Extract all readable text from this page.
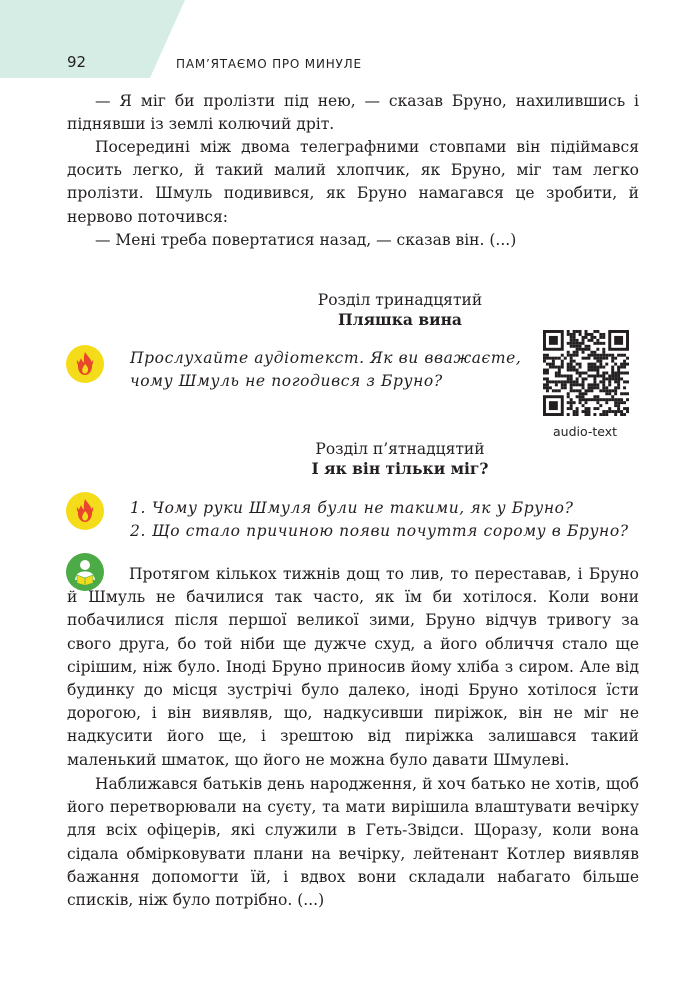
92	ПАМ’ЯТАЄМО ПРО МИНУЛЕ

— Я міг би пролізти під нею, — сказав Бруно, нахилившись і піднявши із землі колючий дріт.

Посередині між двома телеграфними стовпами він підіймався досить легко, й такий малий хлопчик, як Бруно, міг там легко пролізти. Шмуль подивився, як Бруно намагався це зробити, й нервово поточився:

— Мені треба повертатися назад, — сказав він. (...)

Розділ тринадцятий
Пляшка вина
Прослухайте аудіотекст. Як ви вважаєте, чому Шмуль не погодився з Бруно?
audio-text
Розділ п’ятнадцятий
І як він тільки міг?
1. Чому руки Шмуля були не такими, як у Бруно?
2. Що стало причиною появи почуття сорому в Бруно?

Протягом кількох тижнів дощ то лив, то переставав, і Бруно й Шмуль не бачилися так часто, як їм би хотілося. Коли вони побачилися після першої великої зими, Бруно відчув тривогу за свого друга, бо той ніби ще дужче схуд, а його обличчя стало ще сірішим, ніж було. Іноді Бруно приносив йому хліба з сиром. Але від будинку до місця зустрічі було далеко, іноді Бруно хотілося їсти дорогою, і він виявляв, що, надкусивши пиріжок, він не міг не надкусити його ще, і зрештою від пиріжка залишався такий маленький шматок, що його не можна було давати Шмулеві.

Наближався батьків день народження, й хоч батько не хотів, щоб його перетворювали на суєту, та мати вирішила влаштувати вечірку для всіх офіцерів, які служили в Геть-Звідси. Щоразу, коли вона сідала обмірковувати плани на вечірку, лейтенант Котлер виявляв бажання допомогти їй, і вдвох вони складали набагато більше списків, ніж було потрібно. (...)
